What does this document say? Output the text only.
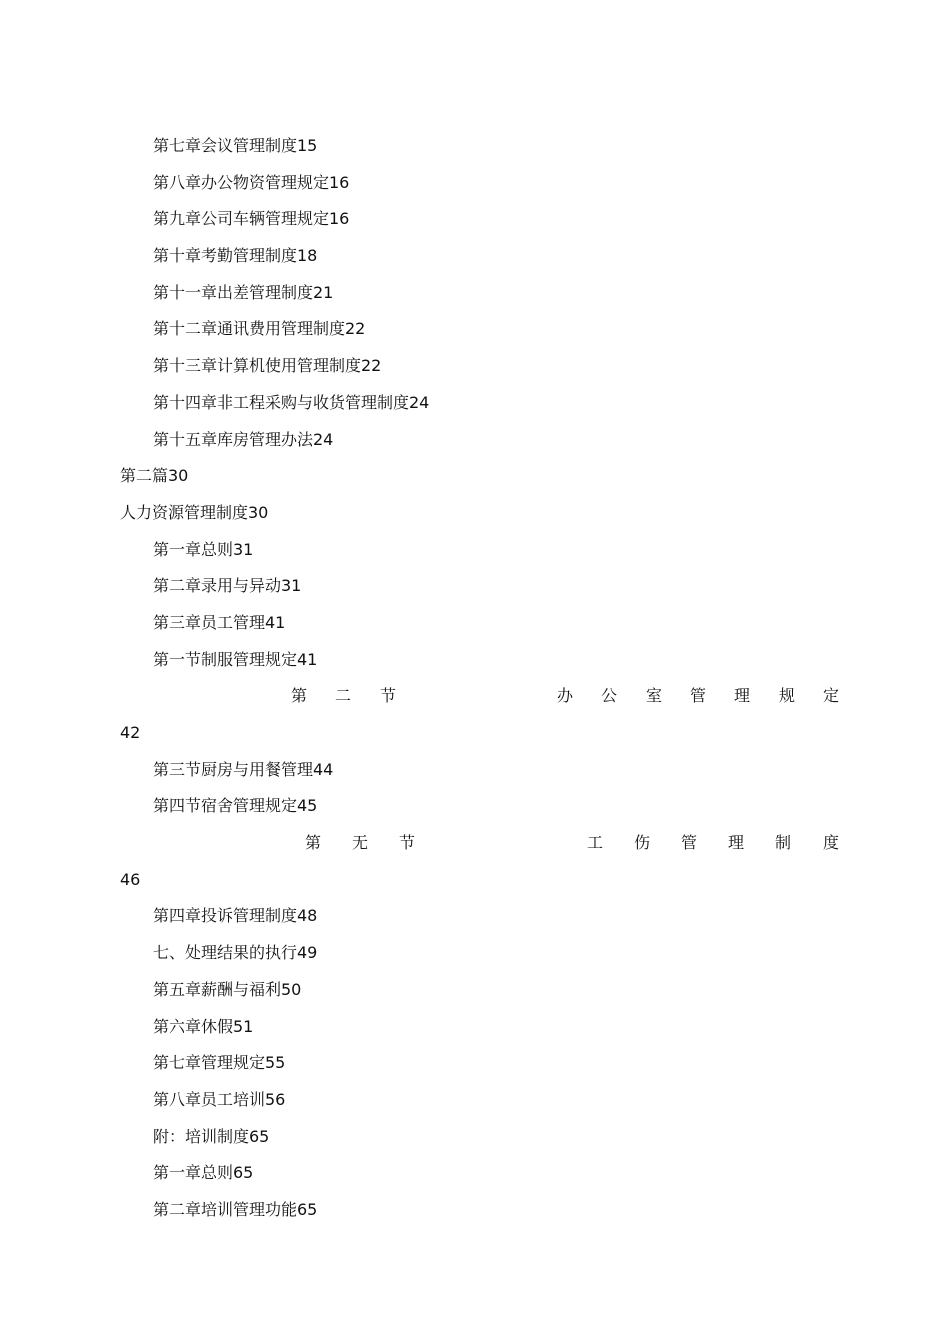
第七章会议管理制度15
第八章办公物资管理规定16
第九章公司车辆管理规定16
第十章考勤管理制度18
第十一章出差管理制度21
第十二章通讯费用管理制度22
第十三章计算机使用管理制度22
第十四章非工程采购与收货管理制度24
第十五章库房管理办法24
第二篇30
人力资源管理制度30
第一章总则31
第二章录用与异动31
第三章员工管理41
第一节制服管理规定41
第 二 节	办 公 室 管 理 规 定
42
第三节厨房与用餐管理44
第四节宿舍管理规定45
第 无 节	工 伤 管 理 制 度
46
第四章投诉管理制度48
七、处理结果的执行49
第五章薪酬与福利50
第六章休假51
第七章管理规定55
第八章员工培训56
附：培训制度65
第一章总则65
第二章培训管理功能65
